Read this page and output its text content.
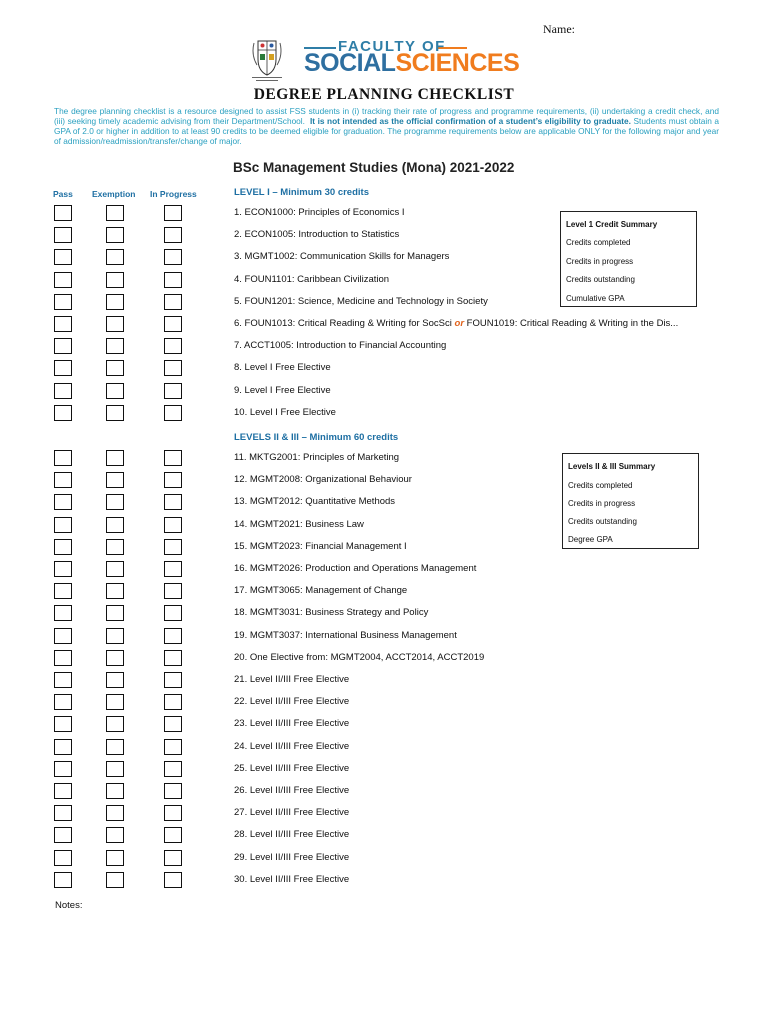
Name:
FACULTY OF
SOCIALSCIENCES
DEGREE PLANNING CHECKLIST
The degree planning checklist is a resource designed to assist FSS students in (i) tracking their rate of progress and programme requirements, (ii) undertaking a credit check, and (iii) seeking timely academic advising from their Department/School. It is not intended as the official confirmation of a student’s eligibility to graduate. Students must obtain a GPA of 2.0 or higher in addition to at least 90 credits to be deemed eligible for graduation. The programme requirements below are applicable ONLY for the following major and year of admission/readmission/transfer/change of major.
BSc Management Studies (Mona) 2021-2022
Pass Exemption In Progress	LEVEL I – Minimum 30 credits
LEVELS II & III – Minimum 60 credits
1. ECON1000: Principles of Economics I
2. ECON1005: Introduction to Statistics
3. MGMT1002: Communication Skills for Managers
4. FOUN1101: Caribbean Civilization
5. FOUN1201: Science, Medicine and Technology in Society
6. FOUN1013: Critical Reading & Writing for SocSci or FOUN1019: Critical Reading & Writing in the Dis...
7. ACCT1005: Introduction to Financial Accounting
8. Level I Free Elective
9. Level I Free Elective
10. Level I Free Elective
11. MKTG2001: Principles of Marketing
12. MGMT2008: Organizational Behaviour
13. MGMT2012: Quantitative Methods
14. MGMT2021: Business Law
15. MGMT2023: Financial Management I
16. MGMT2026: Production and Operations Management
17. MGMT3065: Management of Change
18. MGMT3031: Business Strategy and Policy
19. MGMT3037: International Business Management
20. One Elective from: MGMT2004, ACCT2014, ACCT2019
21. Level II/III Free Elective
22. Level II/III Free Elective
23. Level II/III Free Elective
24. Level II/III Free Elective
25. Level II/III Free Elective
26. Level II/III Free Elective
27. Level II/III Free Elective
28. Level II/III Free Elective
29. Level II/III Free Elective
30. Level II/III Free Elective
Level 1 Credit Summary
Credits completed
Credits in progress
Credits outstanding
Cumulative GPA
Levels II & III Summary
Credits completed
Credits in progress
Credits outstanding
Degree GPA
Notes:
